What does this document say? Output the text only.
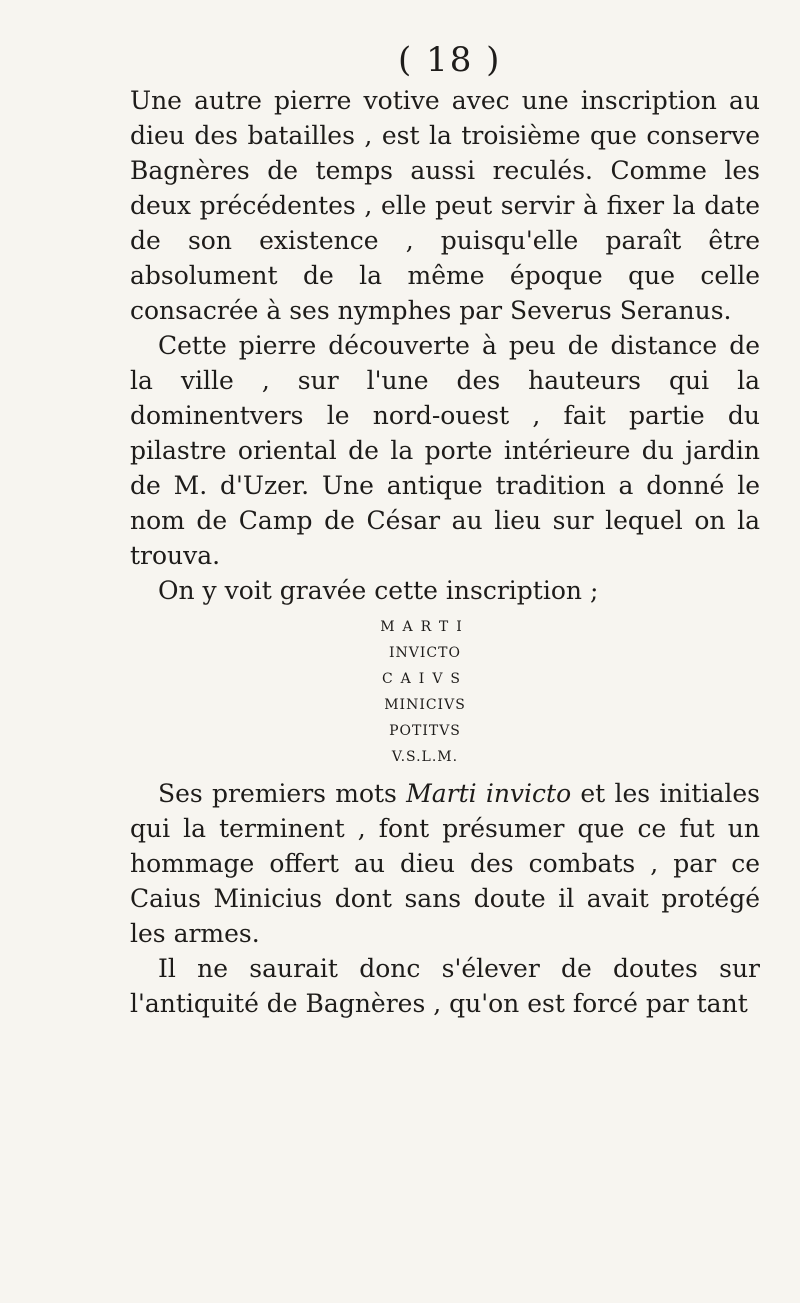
( 18 )

Une autre pierre votive avec une inscription au dieu des batailles , est la troisième que conserve Bagnères de temps aussi reculés. Comme les deux précédentes , elle peut servir à fixer la date de son existence , puisqu'elle paraît être absolument de la même époque que celle consacrée à ses nymphes par Severus Seranus.

Cette pierre découverte à peu de distance de la ville , sur l'une des hauteurs qui la dominentvers le nord-ouest , fait partie du pilastre oriental de la porte intérieure du jardin de M. d'Uzer. Une antique tradition a donné le nom de Camp de César au lieu sur lequel on la trouva.

On y voit gravée cette inscription ;

MARTI
INVICTO
CAIVS
MINICIVS
POTITVS
V.S.L.M.

Ses premiers mots Marti invicto et les initiales qui la terminent , font présumer que ce fut un hommage offert au dieu des combats , par ce Caius Minicius dont sans doute il avait protégé les armes.

Il ne saurait donc s'élever de doutes sur l'antiquité de Bagnères , qu'on est forcé par tant
